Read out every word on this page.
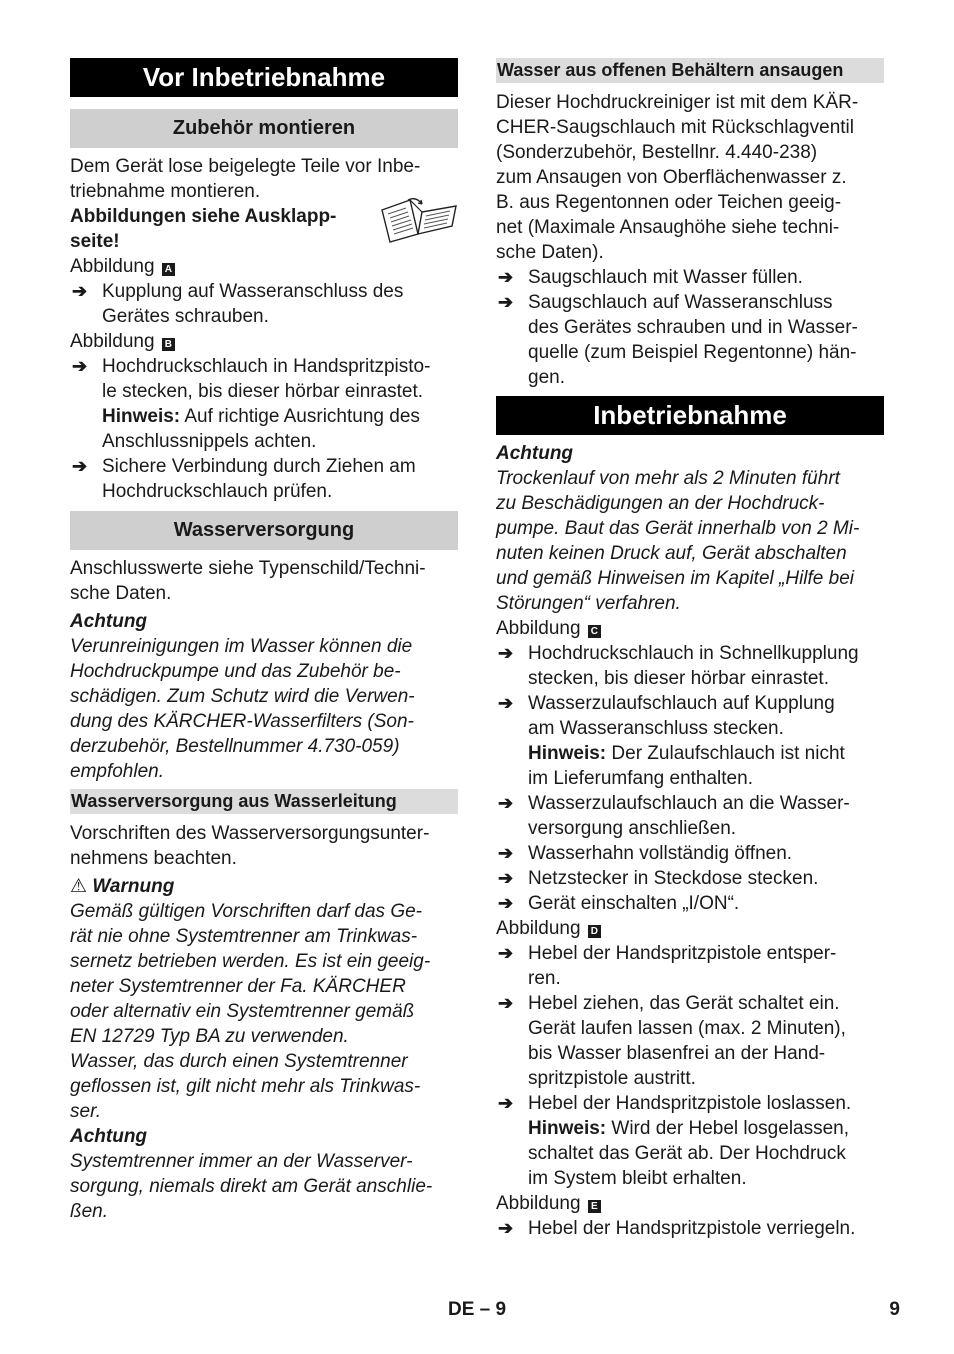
Vor Inbetriebnahme
Zubehör montieren
Dem Gerät lose beigelegte Teile vor Inbe-
triebnahme montieren.
Abbildungen siehe Ausklapp-
seite!
Abbildung A
➔ Kupplung auf Wasseranschluss des
Gerätes schrauben.
Abbildung B
➔ Hochdruckschlauch in Handspritzpisto-
le stecken, bis dieser hörbar einrastet.
Hinweis: Auf richtige Ausrichtung des
Anschlussnippels achten.
➔ Sichere Verbindung durch Ziehen am
Hochdruckschlauch prüfen.
Wasserversorgung
Anschlusswerte siehe Typenschild/Techni-
sche Daten.
Achtung
Verunreinigungen im Wasser können die
Hochdruckpumpe und das Zubehör be-
schädigen. Zum Schutz wird die Verwen-
dung des KÄRCHER-Wasserfilters (Son-
derzubehör, Bestellnummer 4.730-059)
empfohlen.
Wasserversorgung aus Wasserleitung
Vorschriften des Wasserversorgungsunter-
nehmens beachten.
⚠ Warnung
Gemäß gültigen Vorschriften darf das Ge-
rät nie ohne Systemtrenner am Trinkwas-
sernetz betrieben werden. Es ist ein geeig-
neter Systemtrenner der Fa. KÄRCHER
oder alternativ ein Systemtrenner gemäß
EN 12729 Typ BA zu verwenden.
Wasser, das durch einen Systemtrenner
geflossen ist, gilt nicht mehr als Trinkwas-
ser.
Achtung
Systemtrenner immer an der Wasserver-
sorgung, niemals direkt am Gerät anschlie-
ßen.
Wasser aus offenen Behältern ansaugen
Dieser Hochdruckreiniger ist mit dem KÄR-
CHER-Saugschlauch mit Rückschlagventil
(Sonderzubehör, Bestellnr. 4.440-238)
zum Ansaugen von Oberflächenwasser z.
B. aus Regentonnen oder Teichen geeig-
net (Maximale Ansaughöhe siehe techni-
sche Daten).
➔ Saugschlauch mit Wasser füllen.
➔ Saugschlauch auf Wasseranschluss
des Gerätes schrauben und in Wasser-
quelle (zum Beispiel Regentonne) hän-
gen.
Inbetriebnahme
Achtung
Trockenlauf von mehr als 2 Minuten führt
zu Beschädigungen an der Hochdruck-
pumpe. Baut das Gerät innerhalb von 2 Mi-
nuten keinen Druck auf, Gerät abschalten
und gemäß Hinweisen im Kapitel „Hilfe bei
Störungen“ verfahren.
Abbildung C
➔ Hochdruckschlauch in Schnellkupplung
stecken, bis dieser hörbar einrastet.
➔ Wasserzulaufschlauch auf Kupplung
am Wasseranschluss stecken.
Hinweis: Der Zulaufschlauch ist nicht
im Lieferumfang enthalten.
➔ Wasserzulaufschlauch an die Wasser-
versorgung anschließen.
➔ Wasserhahn vollständig öffnen.
➔ Netzstecker in Steckdose stecken.
➔ Gerät einschalten „I/ON“.
Abbildung D
➔ Hebel der Handspritzpistole entsper-
ren.
➔ Hebel ziehen, das Gerät schaltet ein.
Gerät laufen lassen (max. 2 Minuten),
bis Wasser blasenfrei an der Hand-
spritzpistole austritt.
➔ Hebel der Handspritzpistole loslassen.
Hinweis: Wird der Hebel losgelassen,
schaltet das Gerät ab. Der Hochdruck
im System bleibt erhalten.
Abbildung E
➔ Hebel der Handspritzpistole verriegeln.
DE – 9	9
